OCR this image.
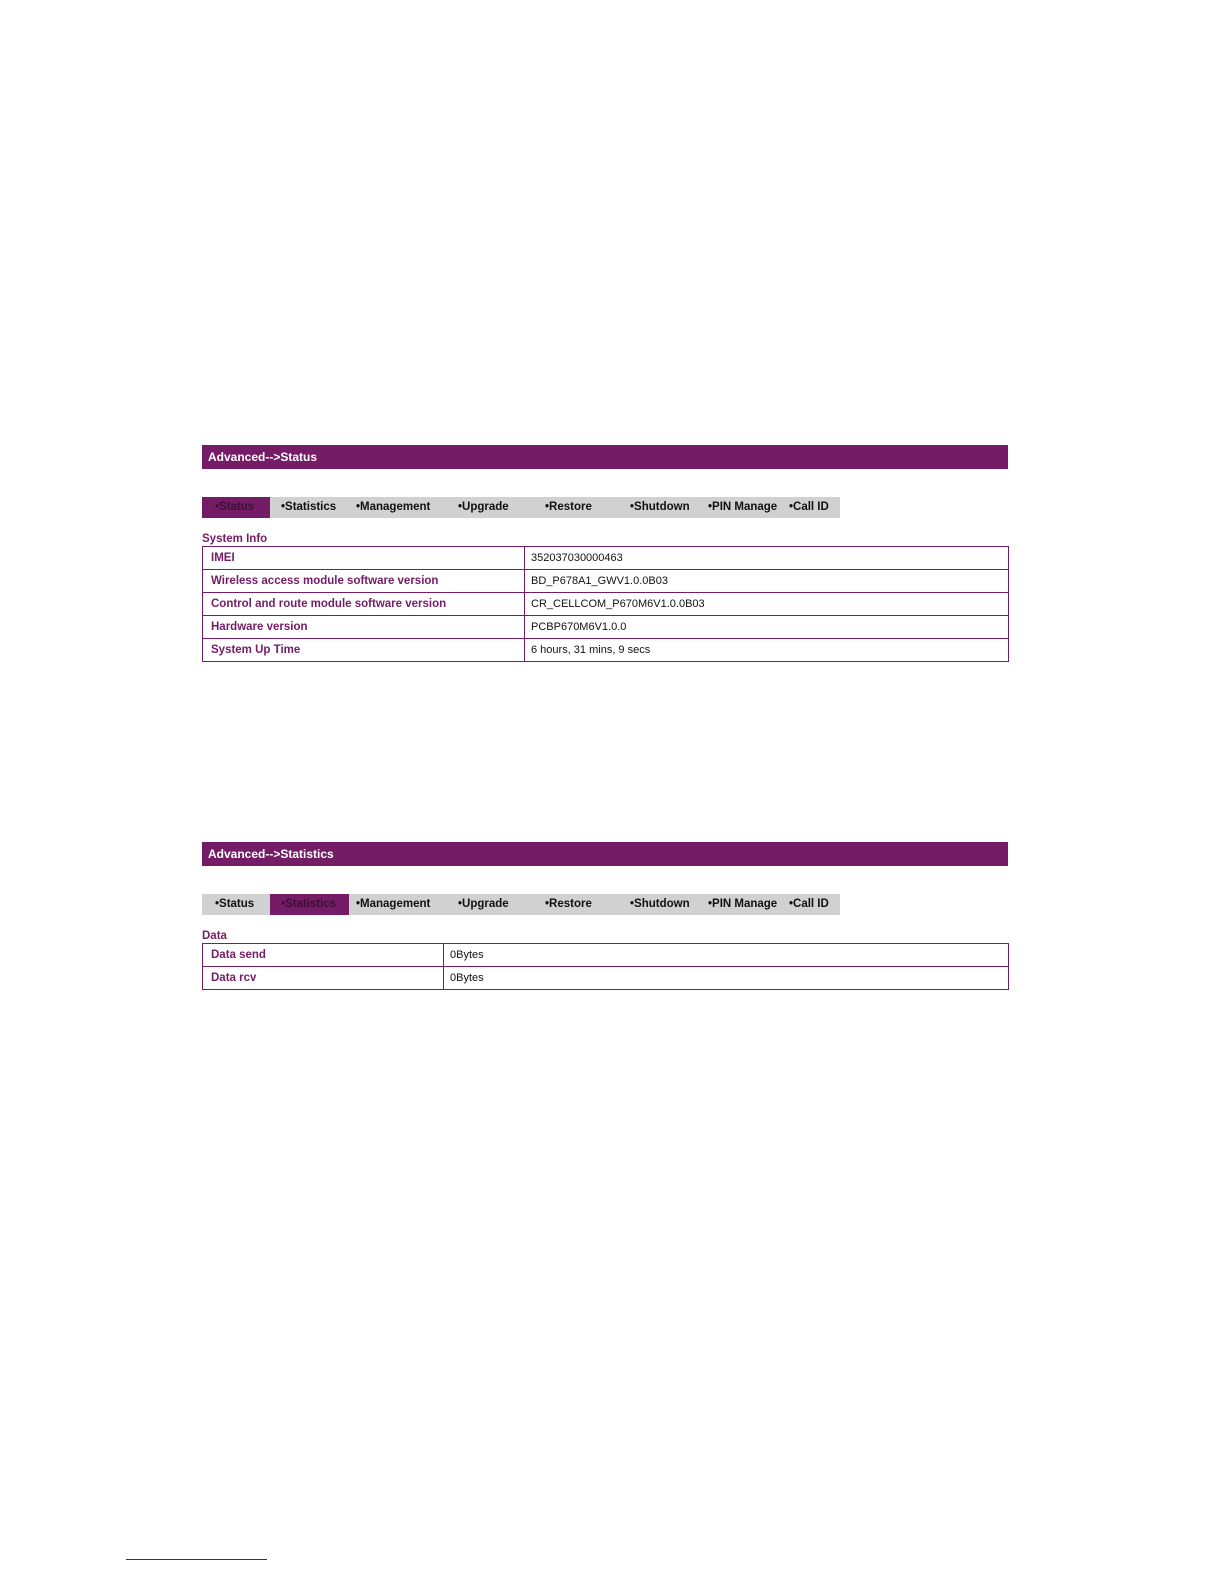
Advanced-->Status
•Status	•Statistics	•Management	•Upgrade	•Restore	•Shutdown	•PIN Manage	•Call ID
System Info
IMEI	352037030000463
Wireless access module software version	BD_P678A1_GWV1.0.0B03
Control and route module software version	CR_CELLCOM_P670M6V1.0.0B03
Hardware version	PCBP670M6V1.0.0
System Up Time	6 hours, 31 mins, 9 secs
Advanced-->Statistics
•Status	•Statistics	•Management	•Upgrade	•Restore	•Shutdown	•PIN Manage	•Call ID
Data
Data send	0Bytes
Data rcv	0Bytes
